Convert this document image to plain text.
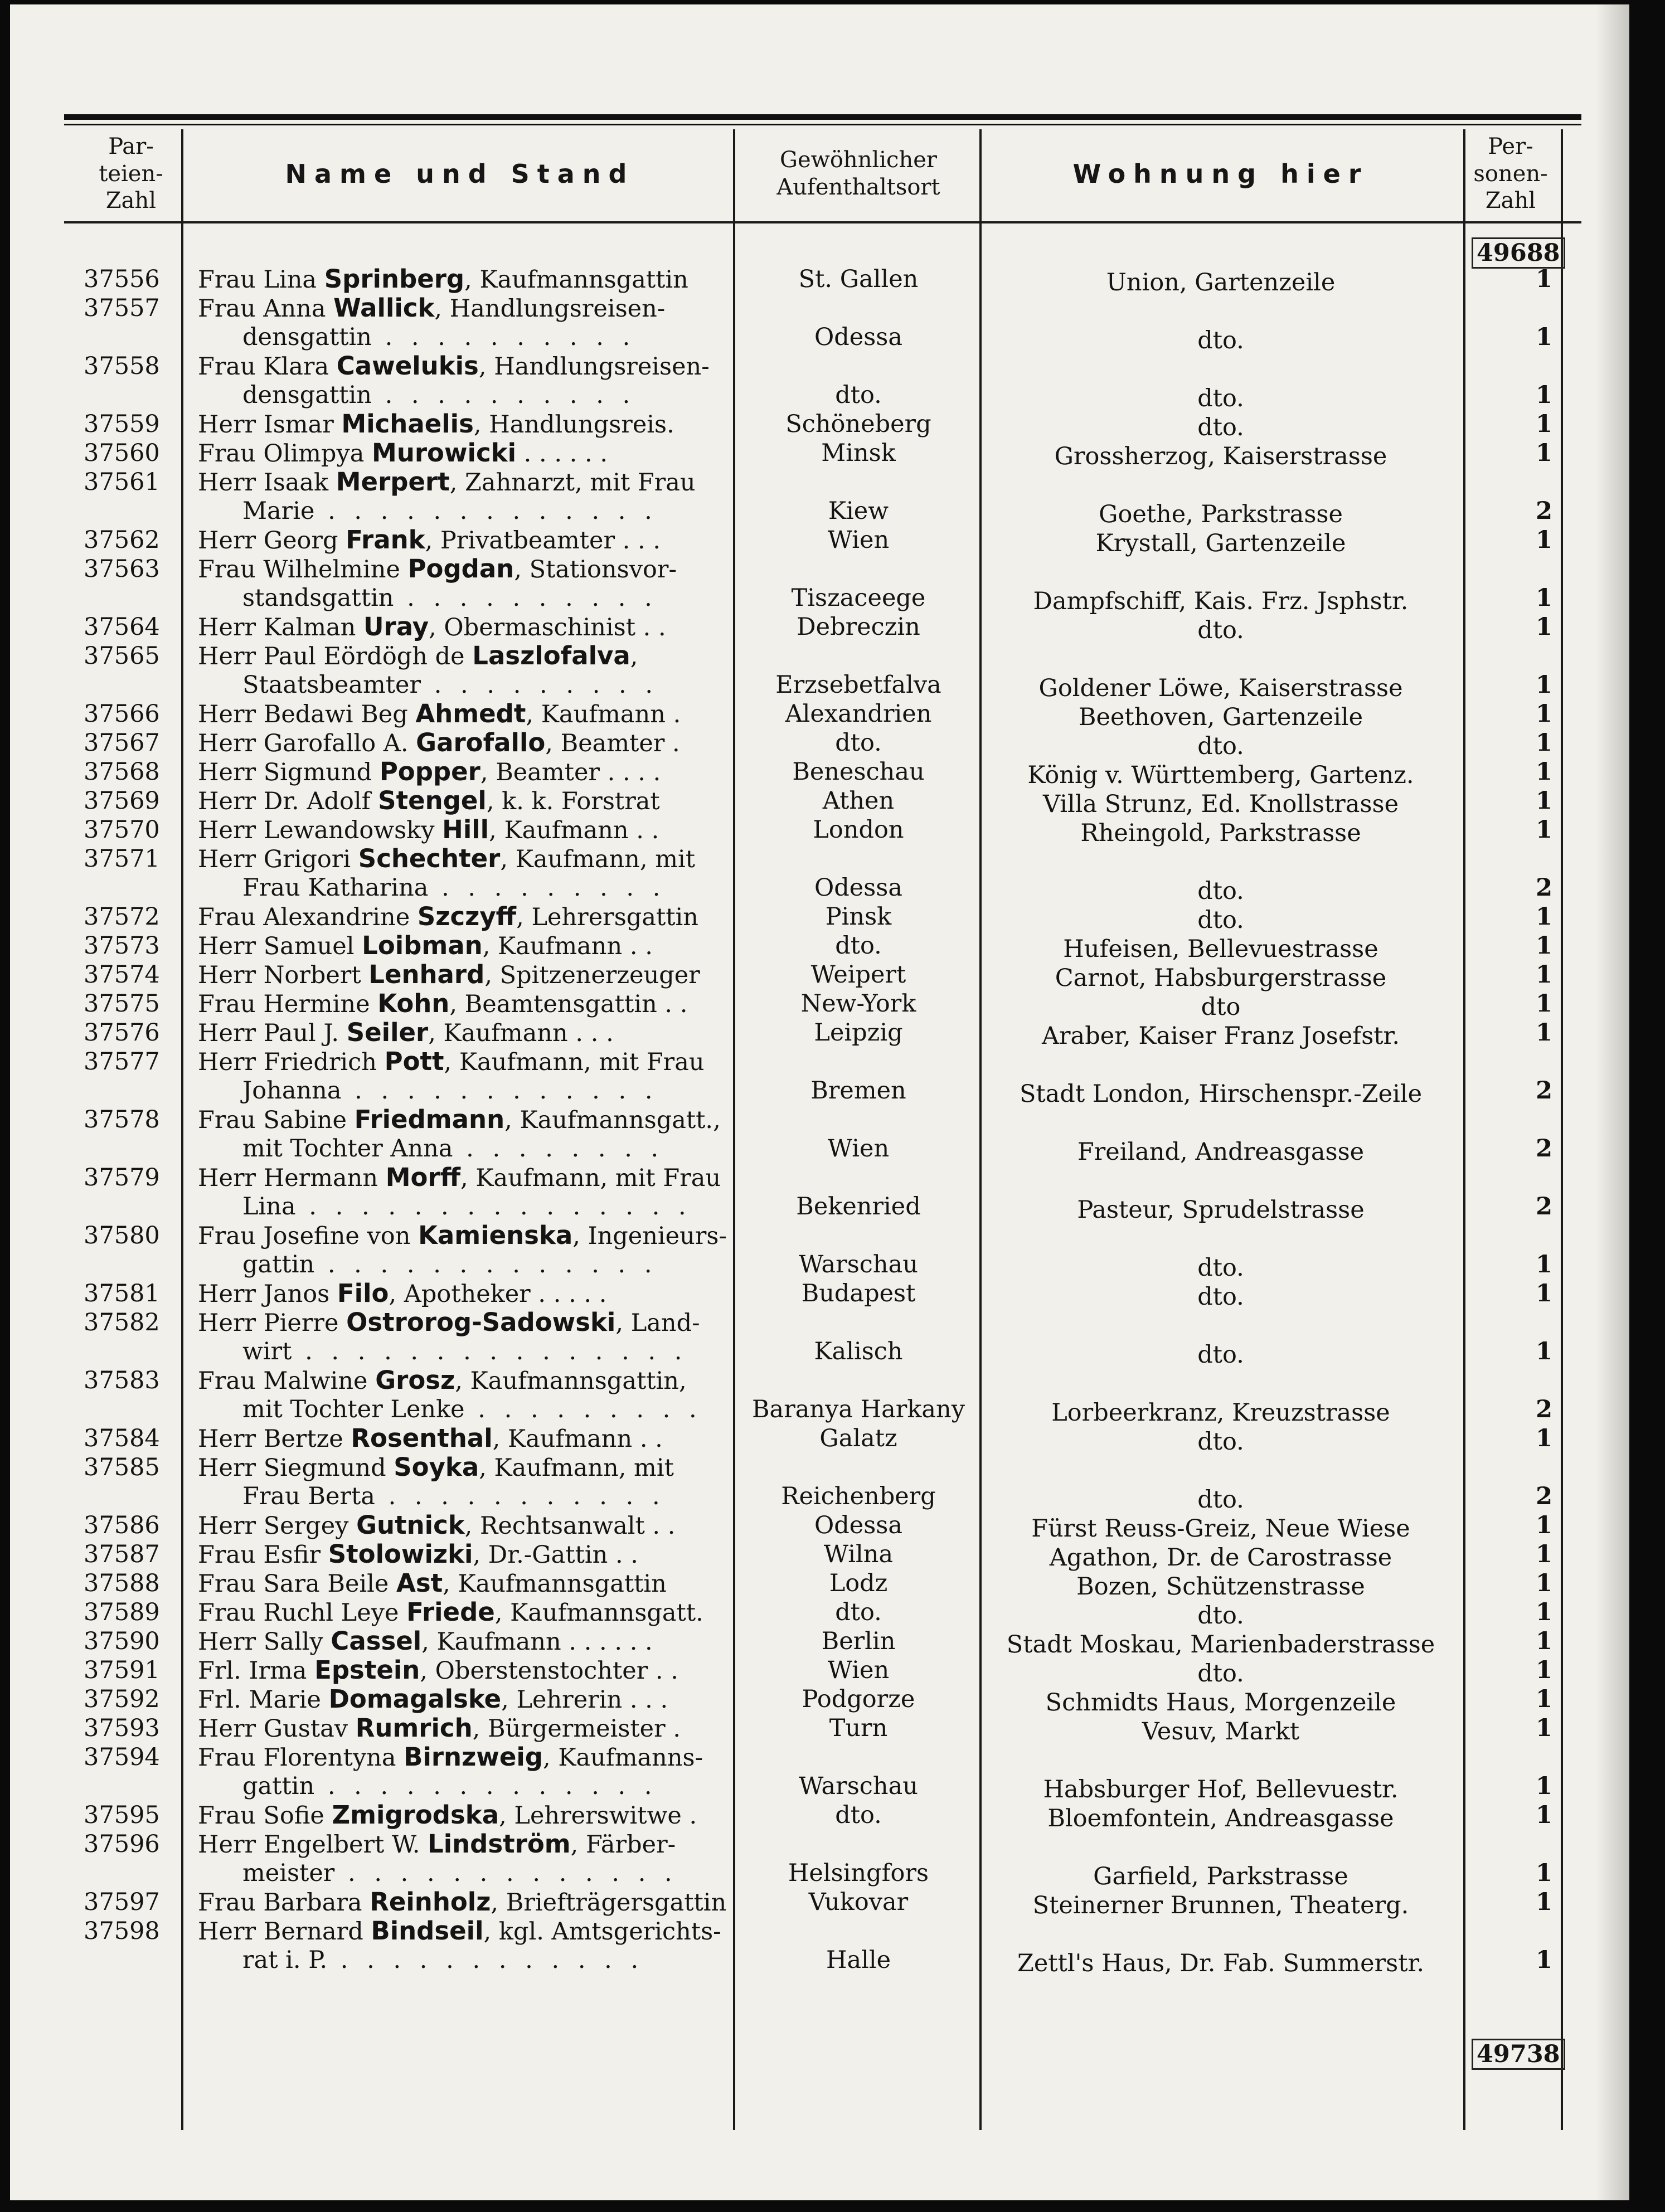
Par-teien-Zahl
Name und Stand	Gewöhnlicher Aufenthaltsort	Wohnung hier
Per-sonen-Zahl
49688
49738
37556	Frau Lina Sprinberg, Kaufmannsgattin	St. Gallen	Union, Gartenzeile	1
37557	Frau Anna Wallick, Handlungsreisen-
densgattin . . . . . . . . . .	Odessa	dto.	1
37558	Frau Klara Cawelukis, Handlungsreisen-
densgattin . . . . . . . . . .	dto.	dto.	1
37559	Herr Ismar Michaelis, Handlungsreis.	Schöneberg	dto.	1
37560	Frau Olimpya Murowicki . . . . . .	Minsk	Grossherzog, Kaiserstrasse	1
37561	Herr Isaak Merpert, Zahnarzt, mit Frau
Marie . . . . . . . . . . . . .	Kiew	Goethe, Parkstrasse	2
37562	Herr Georg Frank, Privatbeamter . . .	Wien	Krystall, Gartenzeile	1
37563	Frau Wilhelmine Pogdan, Stationsvor-
standsgattin . . . . . . . . . .	Tiszaceege	Dampfschiff, Kais. Frz. Jsphstr.	1
37564	Herr Kalman Uray, Obermaschinist . .	Debreczin	dto.	1
37565	Herr Paul Eördögh de Laszlofalva,
Staatsbeamter . . . . . . . . .	Erzsebetfalva	Goldener Löwe, Kaiserstrasse	1
37566	Herr Bedawi Beg Ahmedt, Kaufmann .	Alexandrien	Beethoven, Gartenzeile	1
37567	Herr Garofallo A. Garofallo, Beamter .	dto.	dto.	1
37568	Herr Sigmund Popper, Beamter . . . .	Beneschau	König v. Württemberg, Gartenz.	1
37569	Herr Dr. Adolf Stengel, k. k. Forstrat	Athen	Villa Strunz, Ed. Knollstrasse	1
37570	Herr Lewandowsky Hill, Kaufmann . .	London	Rheingold, Parkstrasse	1
37571	Herr Grigori Schechter, Kaufmann, mit
Frau Katharina . . . . . . . . .	Odessa	dto.	2
37572	Frau Alexandrine Szczyff, Lehrersgattin	Pinsk	dto.	1
37573	Herr Samuel Loibman, Kaufmann . .	dto.	Hufeisen, Bellevuestrasse	1
37574	Herr Norbert Lenhard, Spitzenerzeuger	Weipert	Carnot, Habsburgerstrasse	1
37575	Frau Hermine Kohn, Beamtensgattin . .	New-York	dto	1
37576	Herr Paul J. Seiler, Kaufmann . . .	Leipzig	Araber, Kaiser Franz Josefstr.	1
37577	Herr Friedrich Pott, Kaufmann, mit Frau
Johanna . . . . . . . . . . . .	Bremen	Stadt London, Hirschenspr.-Zeile	2
37578	Frau Sabine Friedmann, Kaufmannsgatt.,
mit Tochter Anna . . . . . . . .	Wien	Freiland, Andreasgasse	2
37579	Herr Hermann Morff, Kaufmann, mit Frau
Lina . . . . . . . . . . . . . . .	Bekenried	Pasteur, Sprudelstrasse	2
37580	Frau Josefine von Kamienska, Ingenieurs-
gattin . . . . . . . . . . . . .	Warschau	dto.	1
37581	Herr Janos Filo, Apotheker . . . . .	Budapest	dto.	1
37582	Herr Pierre Ostrorog-Sadowski, Land-
wirt . . . . . . . . . . . . . . .	Kalisch	dto.	1
37583	Frau Malwine Grosz, Kaufmannsgattin,
mit Tochter Lenke . . . . . . . . .	Baranya Harkany	Lorbeerkranz, Kreuzstrasse	2
37584	Herr Bertze Rosenthal, Kaufmann . .	Galatz	dto.	1
37585	Herr Siegmund Soyka, Kaufmann, mit
Frau Berta . . . . . . . . . . .	Reichenberg	dto.	2
37586	Herr Sergey Gutnick, Rechtsanwalt . .	Odessa	Fürst Reuss-Greiz, Neue Wiese	1
37587	Frau Esfir Stolowizki, Dr.-Gattin . .	Wilna	Agathon, Dr. de Carostrasse	1
37588	Frau Sara Beile Ast, Kaufmannsgattin	Lodz	Bozen, Schützenstrasse	1
37589	Frau Ruchl Leye Friede, Kaufmannsgatt.	dto.	dto.	1
37590	Herr Sally Cassel, Kaufmann . . . . . .	Berlin	Stadt Moskau, Marienbaderstrasse	1
37591	Frl. Irma Epstein, Oberstenstochter . .	Wien	dto.	1
37592	Frl. Marie Domagalske, Lehrerin . . .	Podgorze	Schmidts Haus, Morgenzeile	1
37593	Herr Gustav Rumrich, Bürgermeister .	Turn	Vesuv, Markt	1
37594	Frau Florentyna Birnzweig, Kaufmanns-
gattin . . . . . . . . . . . . .	Warschau	Habsburger Hof, Bellevuestr.	1
37595	Frau Sofie Zmigrodska, Lehrerswitwe .	dto.	Bloemfontein, Andreasgasse	1
37596	Herr Engelbert W. Lindström, Färber-
meister . . . . . . . . . . . . .	Helsingfors	Garfield, Parkstrasse	1
37597	Frau Barbara Reinholz, Briefträgersgattin	Vukovar	Steinerner Brunnen, Theaterg.	1
37598	Herr Bernard Bindseil, kgl. Amtsgerichts-
rat i. P. . . . . . . . . . . . .	Halle	Zettl's Haus, Dr. Fab. Summerstr.	1
